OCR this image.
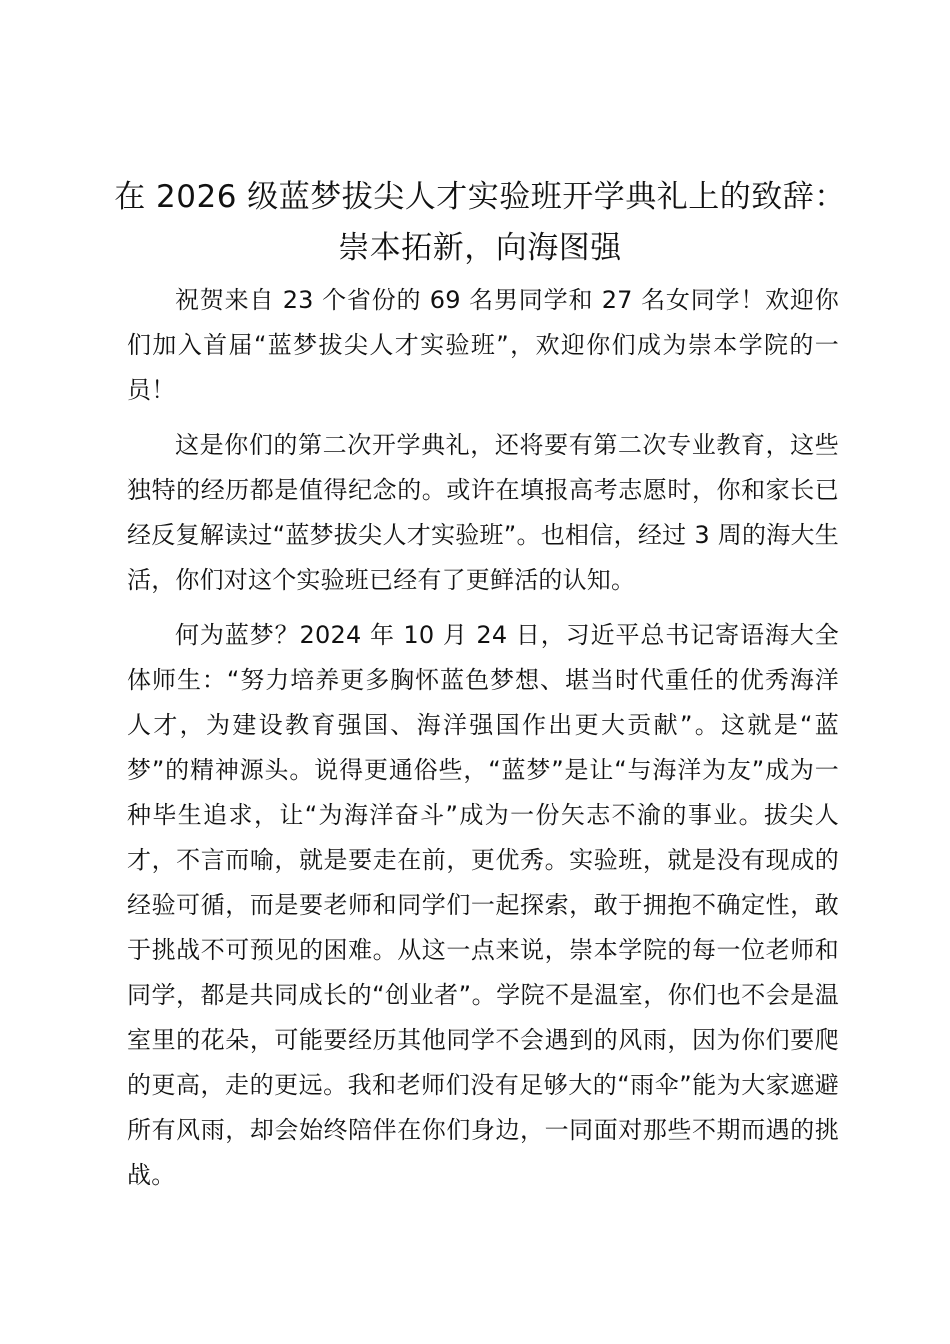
在 2026 级蓝梦拔尖人才实验班开学典礼上的致辞：崇本拓新，向海图强

祝贺来自 23 个省份的 69 名男同学和 27 名女同学！欢迎你们加入首届“蓝梦拔尖人才实验班”，欢迎你们成为崇本学院的一员！

这是你们的第二次开学典礼，还将要有第二次专业教育，这些独特的经历都是值得纪念的。或许在填报高考志愿时，你和家长已经反复解读过“蓝梦拔尖人才实验班”。也相信，经过 3 周的海大生活，你们对这个实验班已经有了更鲜活的认知。

何为蓝梦？2024 年 10 月 24 日，习近平总书记寄语海大全体师生：“努力培养更多胸怀蓝色梦想、堪当时代重任的优秀海洋人才，为建设教育强国、海洋强国作出更大贡献”。这就是“蓝梦”的精神源头。说得更通俗些，“蓝梦”是让“与海洋为友”成为一种毕生追求，让“为海洋奋斗”成为一份矢志不渝的事业。拔尖人才，不言而喻，就是要走在前，更优秀。实验班，就是没有现成的经验可循，而是要老师和同学们一起探索，敢于拥抱不确定性，敢于挑战不可预见的困难。从这一点来说，崇本学院的每一位老师和同学，都是共同成长的“创业者”。学院不是温室，你们也不会是温室里的花朵，可能要经历其他同学不会遇到的风雨，因为你们要爬的更高，走的更远。我和老师们没有足够大的“雨伞”能为大家遮避所有风雨，却会始终陪伴在你们身边，一同面对那些不期而遇的挑战。
